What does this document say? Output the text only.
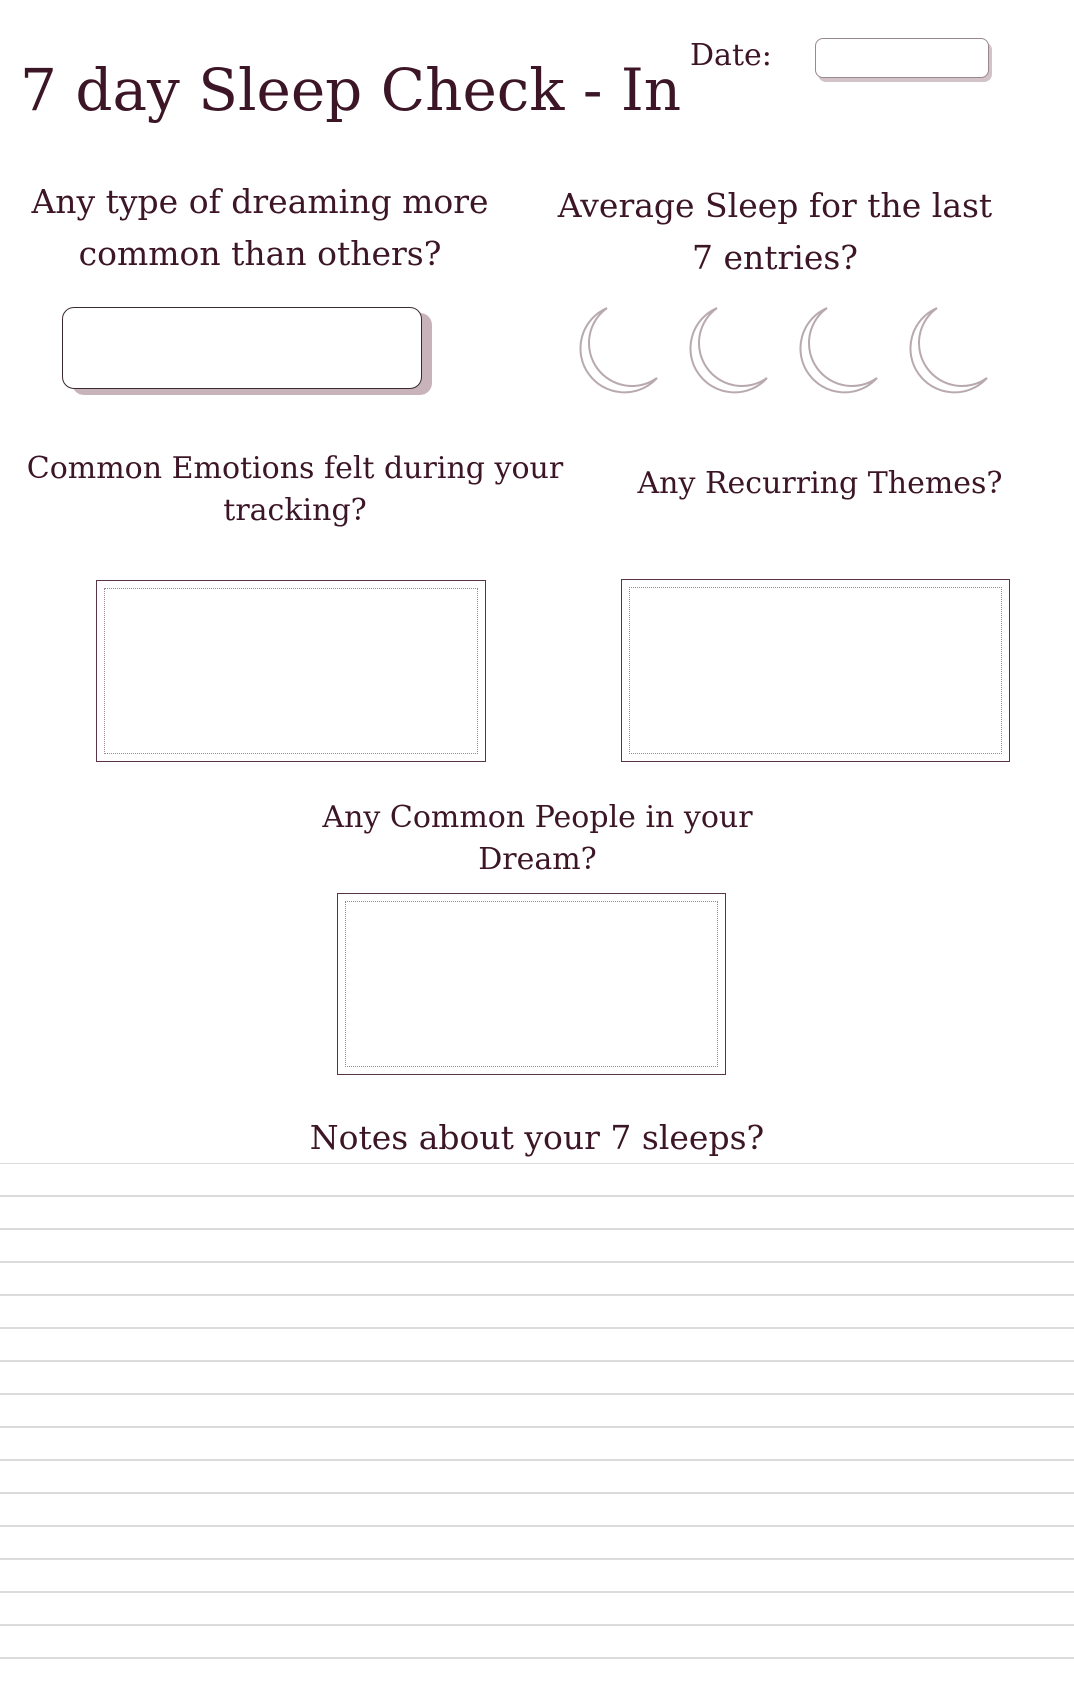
7 day Sleep Check - In
Date:
Any type of dreaming more common than others?
Average Sleep for the last 7 entries?
Common Emotions felt during your tracking?
Any Recurring Themes?
Any Common People in your Dream?
Notes about your 7 sleeps?
